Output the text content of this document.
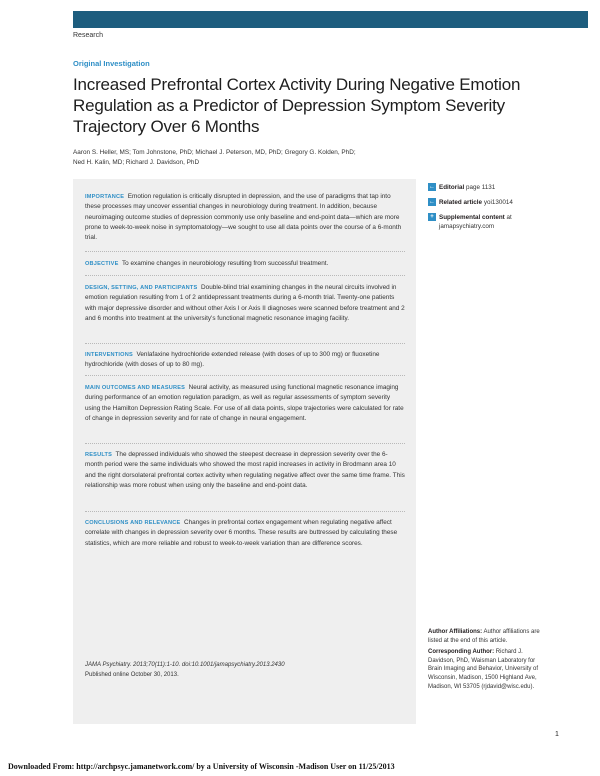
Research
Original Investigation
Increased Prefrontal Cortex Activity During Negative Emotion Regulation as a Predictor of Depression Symptom Severity Trajectory Over 6 Months
Aaron S. Heller, MS; Tom Johnstone, PhD; Michael J. Peterson, MD, PhD; Gregory G. Kolden, PhD;
Ned H. Kalin, MD; Richard J. Davidson, PhD

IMPORTANCE Emotion regulation is critically disrupted in depression, and the use of paradigms that tap into these processes may uncover essential changes in neurobiology during treatment. In addition, because neuroimaging outcome studies of depression commonly use only baseline and end-point data—which are more prone to week-to-week noise in symptomatology—we sought to use all data points over the course of a 6-month trial.

OBJECTIVE To examine changes in neurobiology resulting from successful treatment.

DESIGN, SETTING, AND PARTICIPANTS Double-blind trial examining changes in the neural circuits involved in emotion regulation resulting from 1 of 2 antidepressant treatments during a 6-month trial. Twenty-one patients with major depressive disorder and without other Axis I or Axis II diagnoses were scanned before treatment and 2 and 6 months into treatment at the university's functional magnetic resonance imaging facility.

INTERVENTIONS Venlafaxine hydrochloride extended release (with doses of up to 300 mg) or fluoxetine hydrochloride (with doses of up to 80 mg).

MAIN OUTCOMES AND MEASURES Neural activity, as measured using functional magnetic resonance imaging during performance of an emotion regulation paradigm, as well as regular assessments of symptom severity using the Hamilton Depression Rating Scale. For use of all data points, slope trajectories were calculated for rate of change in depression severity and for rate of change in neural engagement.

RESULTS The depressed individuals who showed the steepest decrease in depression severity over the 6-month period were the same individuals who showed the most rapid increases in activity in Brodmann area 10 and the right dorsolateral prefrontal cortex activity when regulating negative affect over the same time frame. This relationship was more robust when using only the baseline and end-point data.

CONCLUSIONS AND RELEVANCE Changes in prefrontal cortex engagement when regulating negative affect correlate with changes in depression severity over 6 months. These results are buttressed by calculating these statistics, which are more reliable and robust to week-to-week variation than are difference scores.

JAMA Psychiatry. 2013;70(11):1-10. doi:10.1001/jamapsychiatry.2013.2430
Published online October 30, 2013.
← Editorial page 1131
← Related article yoi130014
+ Supplemental content at jamapsychiatry.com

Author Affiliations: Author affiliations are listed at the end of this article.

Corresponding Author: Richard J. Davidson, PhD, Waisman Laboratory for Brain Imaging and Behavior, University of Wisconsin, Madison, 1500 Highland Ave, Madison, WI 53705 (rjdavid@wisc.edu).

1
Downloaded From: http://archpsyc.jamanetwork.com/ by a University of Wisconsin -Madison User on 11/25/2013
